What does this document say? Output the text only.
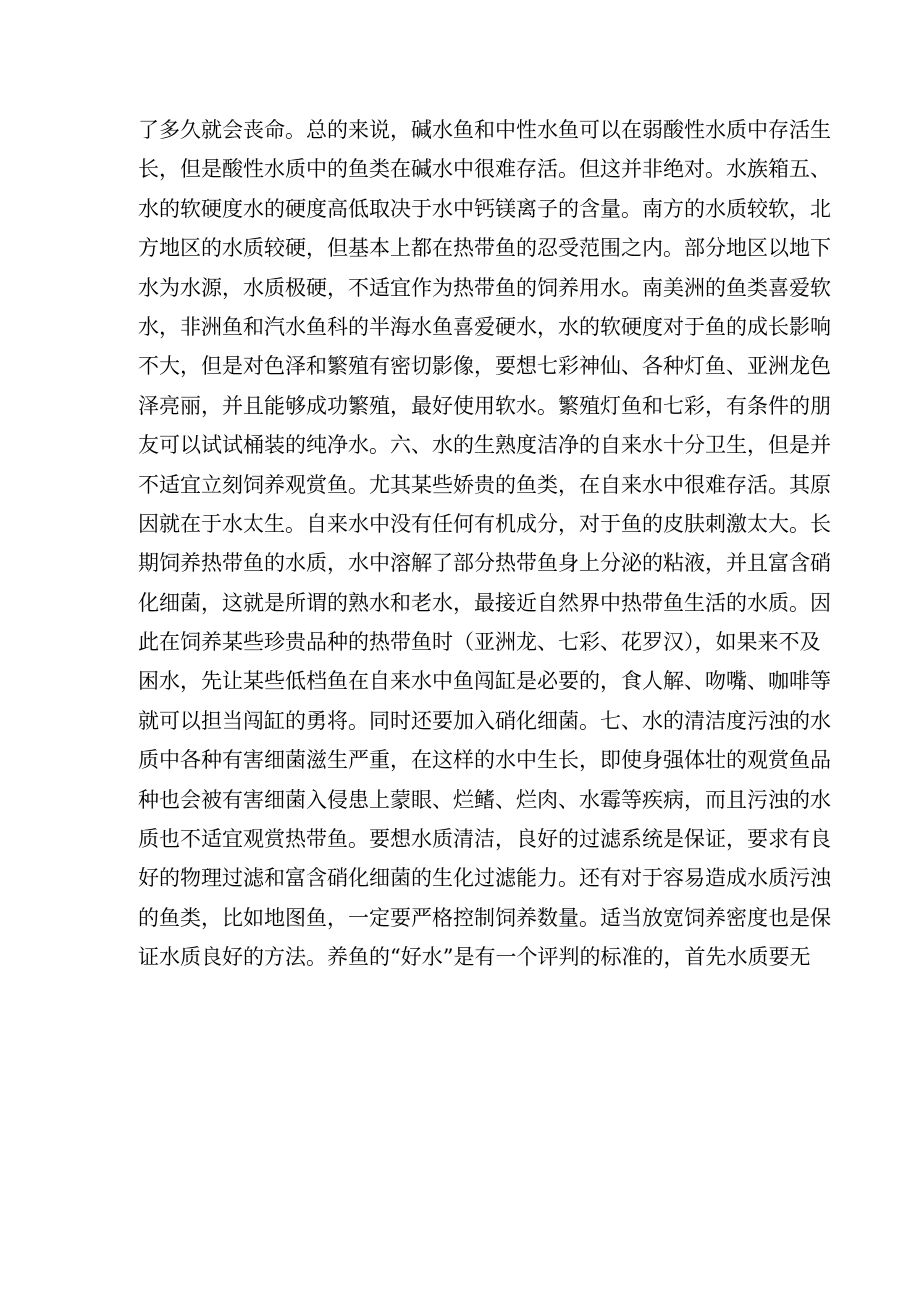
了多久就会丧命。总的来说，碱水鱼和中性水鱼可以在弱酸性水质中存活生
长，但是酸性水质中的鱼类在碱水中很难存活。但这并非绝对。水族箱五、
水的软硬度水的硬度高低取决于水中钙镁离子的含量。南方的水质较软，北
方地区的水质较硬，但基本上都在热带鱼的忍受范围之内。部分地区以地下
水为水源，水质极硬，不适宜作为热带鱼的饲养用水。南美洲的鱼类喜爱软
水，非洲鱼和汽水鱼科的半海水鱼喜爱硬水，水的软硬度对于鱼的成长影响
不大，但是对色泽和繁殖有密切影像，要想七彩神仙、各种灯鱼、亚洲龙色
泽亮丽，并且能够成功繁殖，最好使用软水。繁殖灯鱼和七彩，有条件的朋
友可以试试桶装的纯净水。六、水的生熟度洁净的自来水十分卫生，但是并
不适宜立刻饲养观赏鱼。尤其某些娇贵的鱼类，在自来水中很难存活。其原
因就在于水太生。自来水中没有任何有机成分，对于鱼的皮肤刺激太大。长
期饲养热带鱼的水质，水中溶解了部分热带鱼身上分泌的粘液，并且富含硝
化细菌，这就是所谓的熟水和老水，最接近自然界中热带鱼生活的水质。因
此在饲养某些珍贵品种的热带鱼时（亚洲龙、七彩、花罗汉），如果来不及
困水，先让某些低档鱼在自来水中鱼闯缸是必要的，食人解、吻嘴、咖啡等
就可以担当闯缸的勇将。同时还要加入硝化细菌。七、水的清洁度污浊的水
质中各种有害细菌滋生严重，在这样的水中生长，即使身强体壮的观赏鱼品
种也会被有害细菌入侵患上蒙眼、烂鳍、烂肉、水霉等疾病，而且污浊的水
质也不适宜观赏热带鱼。要想水质清洁，良好的过滤系统是保证，要求有良
好的物理过滤和富含硝化细菌的生化过滤能力。还有对于容易造成水质污浊
的鱼类，比如地图鱼，一定要严格控制饲养数量。适当放宽饲养密度也是保
证水质良好的方法。养鱼的“好水”是有一个评判的标准的，首先水质要无
